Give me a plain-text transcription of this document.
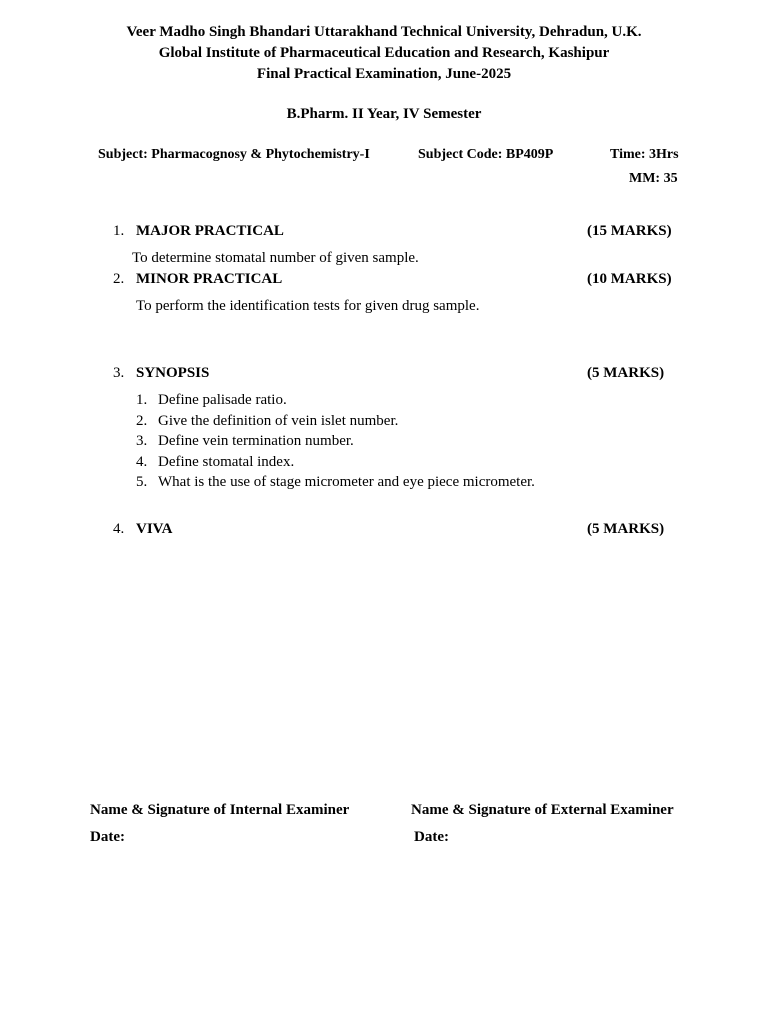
Veer Madho Singh Bhandari Uttarakhand Technical University, Dehradun, U.K.
Global Institute of Pharmaceutical Education and Research, Kashipur
Final Practical Examination, June-2025
B.Pharm. II Year, IV Semester
Subject: Pharmacognosy & Phytochemistry-I	Subject Code: BP409P	Time: 3Hrs
MM: 35
1. MAJOR PRACTICAL	(15 MARKS)
To determine stomatal number of given sample.
2. MINOR PRACTICAL	(10 MARKS)
To perform the identification tests for given drug sample.
3. SYNOPSIS	(5 MARKS)
1. Define palisade ratio.
2. Give the definition of vein islet number.
3. Define vein termination number.
4. Define stomatal index.
5. What is the use of stage micrometer and eye piece micrometer.
4. VIVA	(5 MARKS)
Name & Signature of Internal Examiner	Name & Signature of External Examiner
Date:	Date:
